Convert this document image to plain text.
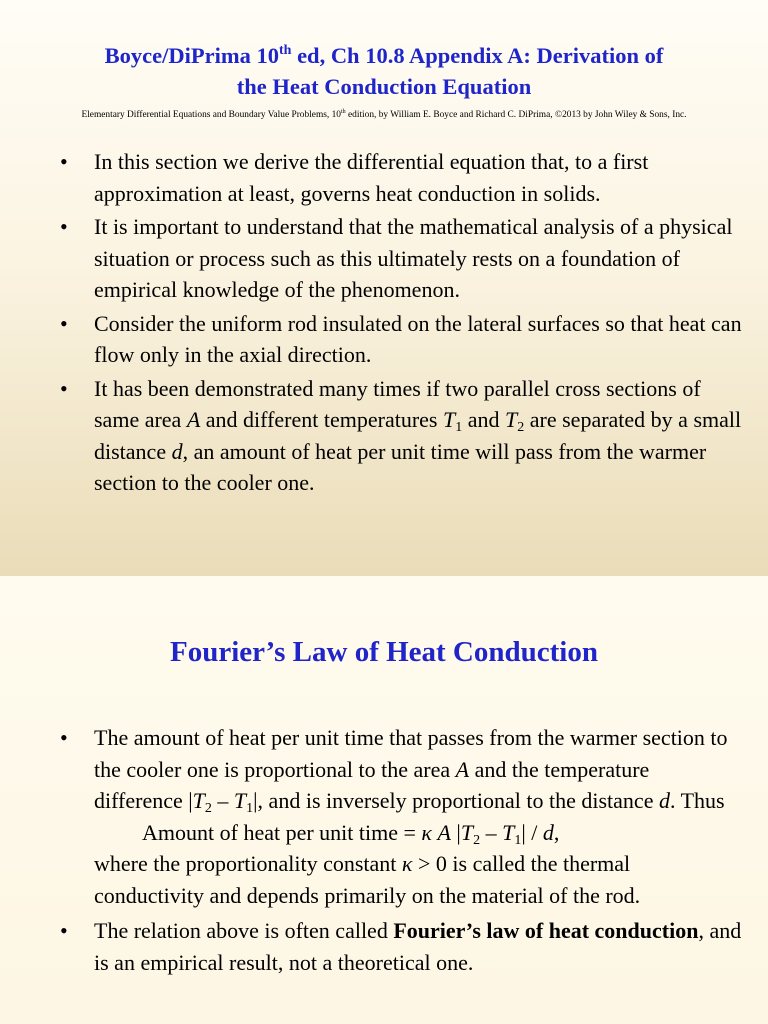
Boyce/DiPrima 10th ed, Ch 10.8 Appendix A: Derivation of
the Heat Conduction Equation
Elementary Differential Equations and Boundary Value Problems, 10th edition, by William E. Boyce and Richard C. DiPrima, ©2013 by John Wiley & Sons, Inc.
• In this section we derive the differential equation that, to a first approximation at least, governs heat conduction in solids.
• It is important to understand that the mathematical analysis of a physical situation or process such as this ultimately rests on a foundation of empirical knowledge of the phenomenon.
• Consider the uniform rod insulated on the lateral surfaces so that heat can flow only in the axial direction.
• It has been demonstrated many times if two parallel cross sections of same area A and different temperatures $T_1$ and $T_2$ are separated by a small distance d, an amount of heat per unit time will pass from the warmer section to the cooler one.
Fourier’s Law of Heat Conduction
• The amount of heat per unit time that passes from the warmer section to the cooler one is proportional to the area A and the temperature difference $|T_2 - T_1|$, and is inversely proportional to the distance d. Thus
Amount of heat per unit time = κ A $|T_2 - T_1|$ / d,
where the proportionality constant κ > 0 is called the thermal conductivity and depends primarily on the material of the rod.
• The relation above is often called Fourier’s law of heat conduction, and is an empirical result, not a theoretical one.
